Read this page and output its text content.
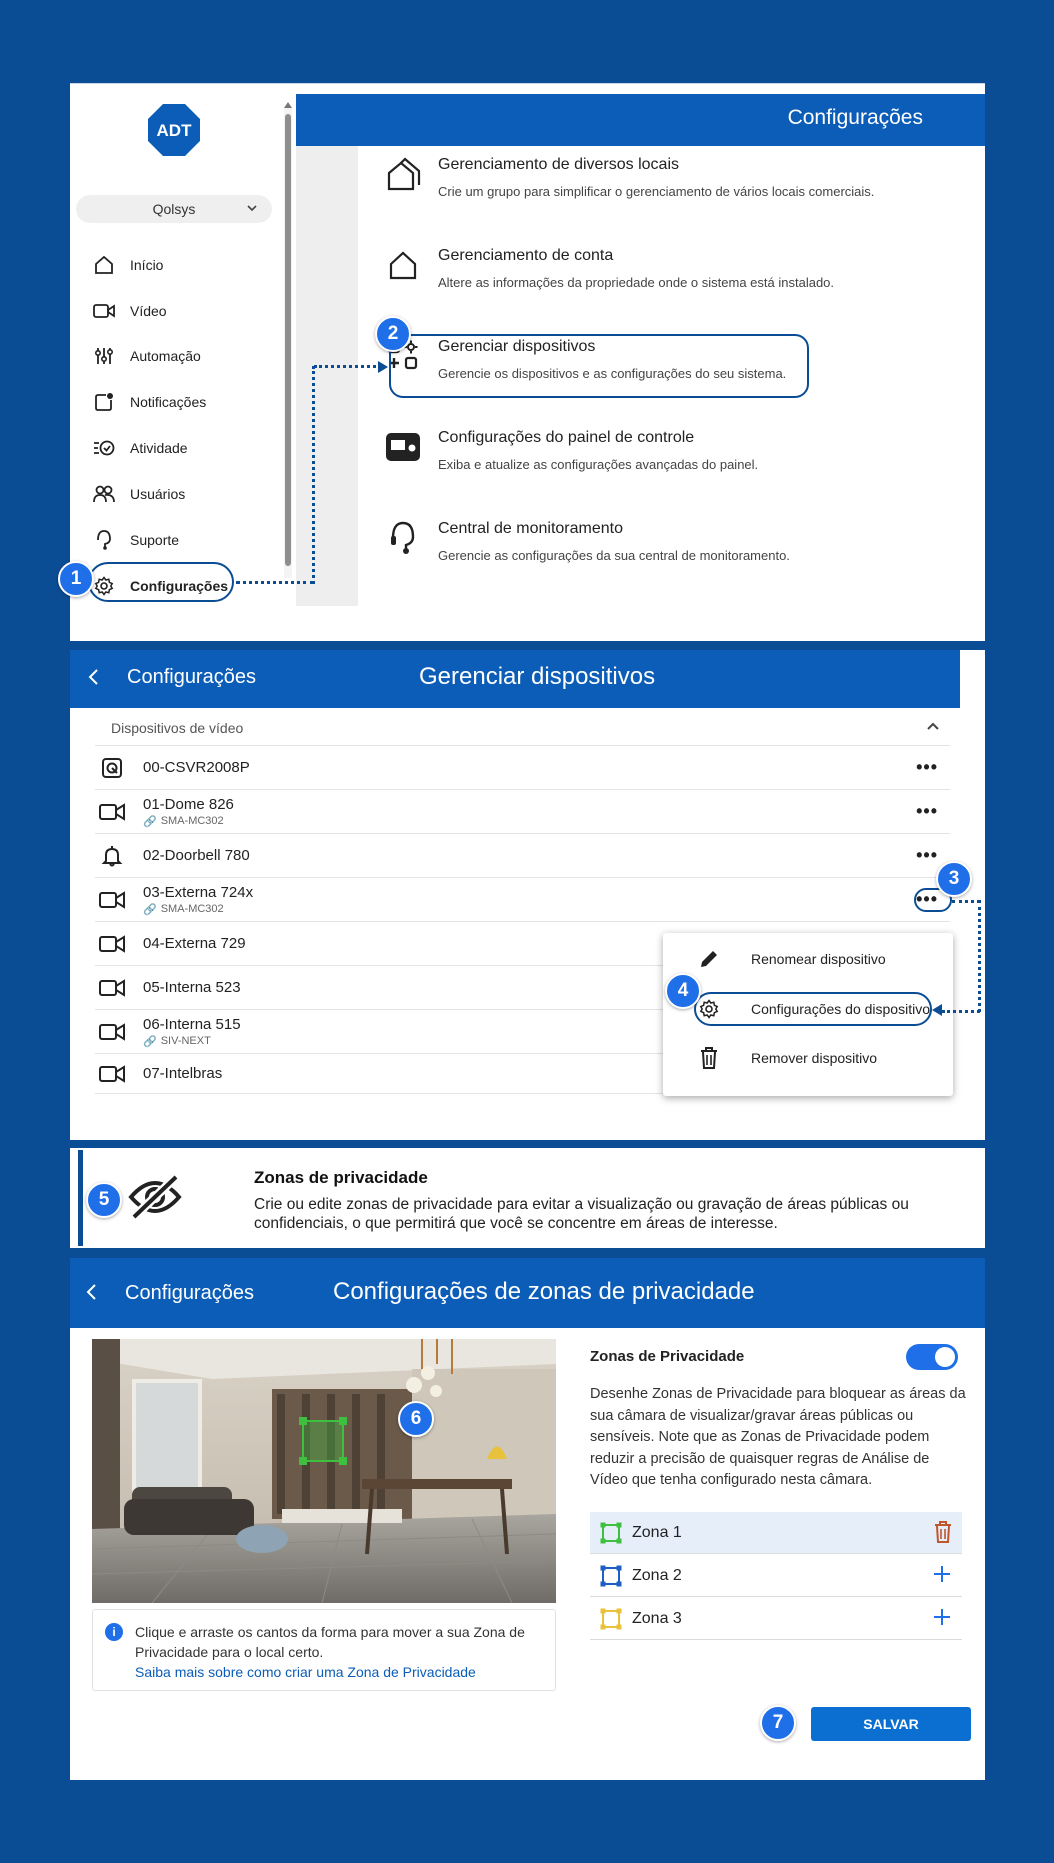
Configurações
ADT
Qolsys
Início
Vídeo
Automação
Notificações
Atividade
Usuários
Suporte
Configurações
Gerenciamento de diversos locais
Crie um grupo para simplificar o gerenciamento de vários locais comerciais.
Gerenciamento de conta
Altere as informações da propriedade onde o sistema está instalado.
Gerenciar dispositivos
Gerencie os dispositivos e as configurações do seu sistema.
Configurações do painel de controle
Exiba e atualize as configurações avançadas do painel.
Central de monitoramento
Gerencie as configurações da sua central de monitoramento.
1
2
Configurações	Gerenciar dispositivos
Dispositivos de vídeo
00-CSVR2008P	•••
01-Dome 826
🔗 SMA-MC302	•••
02-Doorbell 780	•••
03-Externa 724x
🔗 SMA-MC302	•••
04-Externa 729
05-Interna 523
06-Interna 515
🔗 SIV-NEXT
07-Intelbras
Renomear dispositivo
Configurações do dispositivo
Remover dispositivo
3
4
Zonas de privacidade
Crie ou edite zonas de privacidade para evitar a visualização ou gravação de áreas públicas ou confidenciais, o que permitirá que você se concentre em áreas de interesse.
5
Configurações	Configurações de zonas de privacidade
6
i	Clique e arraste os cantos da forma para mover a sua Zona de Privacidade para o local certo.
Saiba mais sobre como criar uma Zona de Privacidade
Zonas de Privacidade
Desenhe Zonas de Privacidade para bloquear as áreas da sua câmara de visualizar/gravar áreas públicas ou sensíveis. Note que as Zonas de Privacidade podem reduzir a precisão de quaisquer regras de Análise de Vídeo que tenha configurado nesta câmara.
Zona 1
Zona 2
Zona 3
SALVAR
7
